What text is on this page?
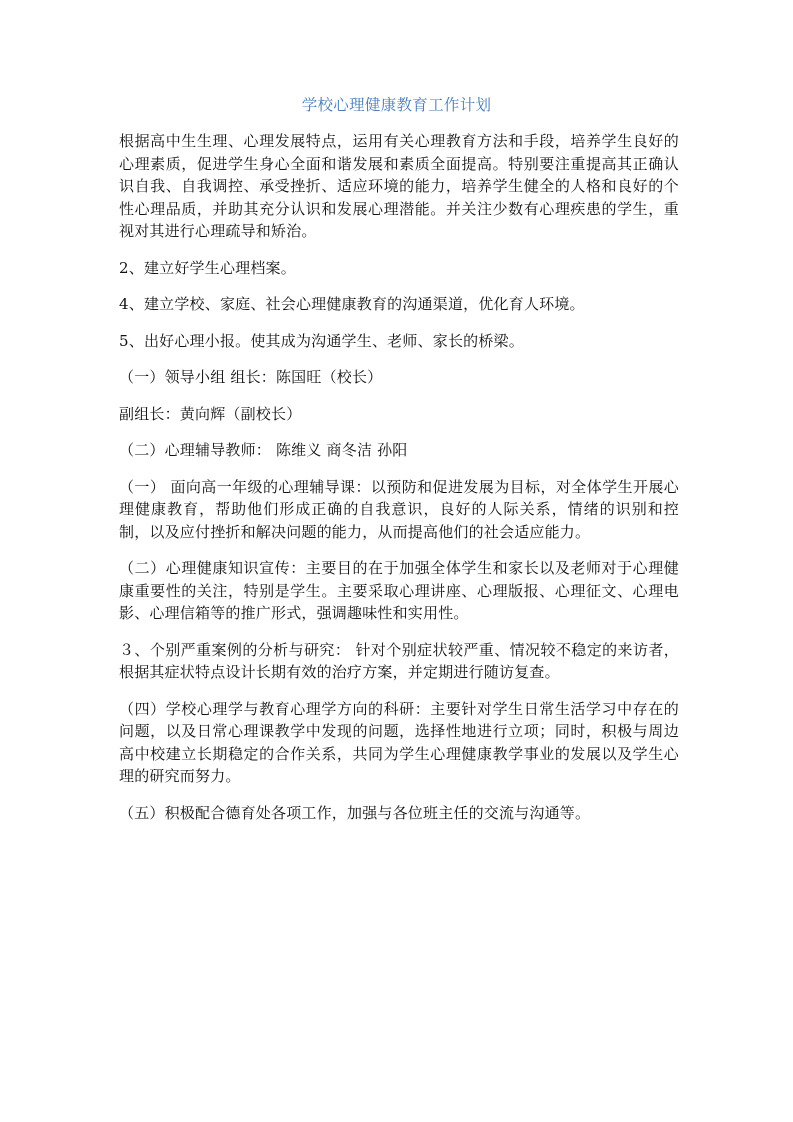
学校心理健康教育工作计划

根据高中生生理、心理发展特点，运用有关心理教育方法和手段，培养学生良好的心理素质，促进学生身心全面和谐发展和素质全面提高。特别要注重提高其正确认识自我、自我调控、承受挫折、适应环境的能力，培养学生健全的人格和良好的个性心理品质，并助其充分认识和发展心理潜能。并关注少数有心理疾患的学生，重视对其进行心理疏导和矫治。

2、建立好学生心理档案。

4、建立学校、家庭、社会心理健康教育的沟通渠道，优化育人环境。

5、出好心理小报。使其成为沟通学生、老师、家长的桥梁。

（一）领导小组 组长：陈国旺（校长）

副组长：黄向辉（副校长）

（二）心理辅导教师： 陈维义 商冬洁 孙阳

（一） 面向高一年级的心理辅导课：以预防和促进发展为目标，对全体学生开展心理健康教育，帮助他们形成正确的自我意识，良好的人际关系，情绪的识别和控制，以及应付挫折和解决问题的能力，从而提高他们的社会适应能力。

（二）心理健康知识宣传：主要目的在于加强全体学生和家长以及老师对于心理健康重要性的关注，特别是学生。主要采取心理讲座、心理版报、心理征文、心理电影、心理信箱等的推广形式，强调趣味性和实用性。

３、个别严重案例的分析与研究： 针对个别症状较严重、情况较不稳定的来访者，根据其症状特点设计长期有效的治疗方案，并定期进行随访复查。

（四）学校心理学与教育心理学方向的科研：主要针对学生日常生活学习中存在的问题，以及日常心理课教学中发现的问题，选择性地进行立项；同时，积极与周边高中校建立长期稳定的合作关系，共同为学生心理健康教学事业的发展以及学生心理的研究而努力。

（五）积极配合德育处各项工作，加强与各位班主任的交流与沟通等。
